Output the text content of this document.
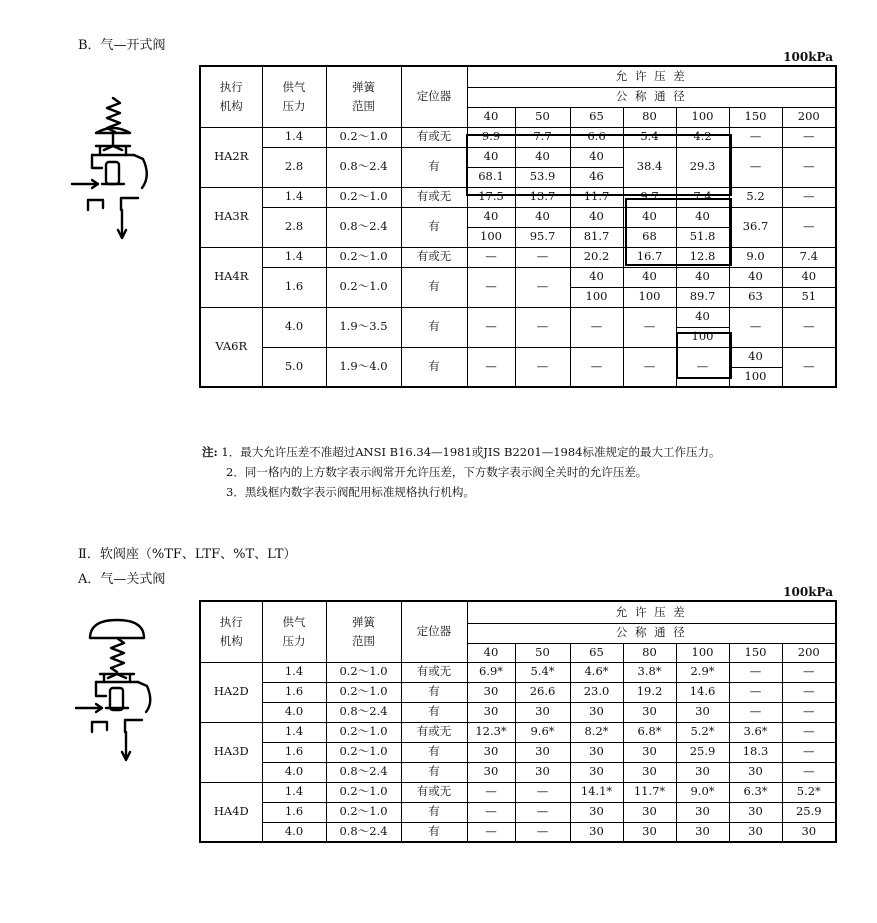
B．气—开式阀
100kPa
执行机构	供气压力	弹簧范围	定位器	允 许 压 差						
				公 称 通 径						
				40	50	65	80	100	150	200
HA2R	1.4	0.2～1.0	有或无	9.9	7.7	6.6	5.4	4.2	—	—
	2.8	0.8～2.4	有	40	40	40	38.4	29.3	—	—
				68.1	53.9	46				
HA3R	1.4	0.2～1.0	有或无	17.5	13.7	11.7	9.7	7.4	5.2	—
	2.8	0.8～2.4	有	40	40	40	40	40	36.7	—
				100	95.7	81.7	68	51.8		
HA4R	1.4	0.2～1.0	有或无	—	—	20.2	16.7	12.8	9.0	7.4
	1.6	0.2～1.0	有	—	—	40	40	40	40	40
						100	100	89.7	63	51
VA6R	4.0	1.9～3.5	有	—	—	—	—	40	—	—
								100		
	5.0	1.9～4.0	有	—	—	—	—	—	40	—
									100	
注: 1．最大允许压差不准超过ANSI B16.34—1981或JIS B2201—1984标准规定的最大工作压力。
2．同一格内的上方数字表示阀常开允许压差，下方数字表示阀全关时的允许压差。
3．黑线框内数字表示阀配用标准规格执行机构。
Ⅱ．软阀座（%TF、LTF、%T、LT）
A．气—关式阀
100kPa
执行机构	供气压力	弹簧范围	定位器	允 许 压 差						
				公 称 通 径						
				40	50	65	80	100	150	200
HA2D	1.4	0.2～1.0	有或无	6.9*	5.4*	4.6*	3.8*	2.9*	—	—
	1.6	0.2～1.0	有	30	26.6	23.0	19.2	14.6	—	—
	4.0	0.8～2.4	有	30	30	30	30	30	—	—
HA3D	1.4	0.2～1.0	有或无	12.3*	9.6*	8.2*	6.8*	5.2*	3.6*	—
	1.6	0.2～1.0	有	30	30	30	30	25.9	18.3	—
	4.0	0.8～2.4	有	30	30	30	30	30	30	—
HA4D	1.4	0.2～1.0	有或无	—	—	14.1*	11.7*	9.0*	6.3*	5.2*
	1.6	0.2～1.0	有	—	—	30	30	30	30	25.9
	4.0	0.8～2.4	有	—	—	30	30	30	30	30
